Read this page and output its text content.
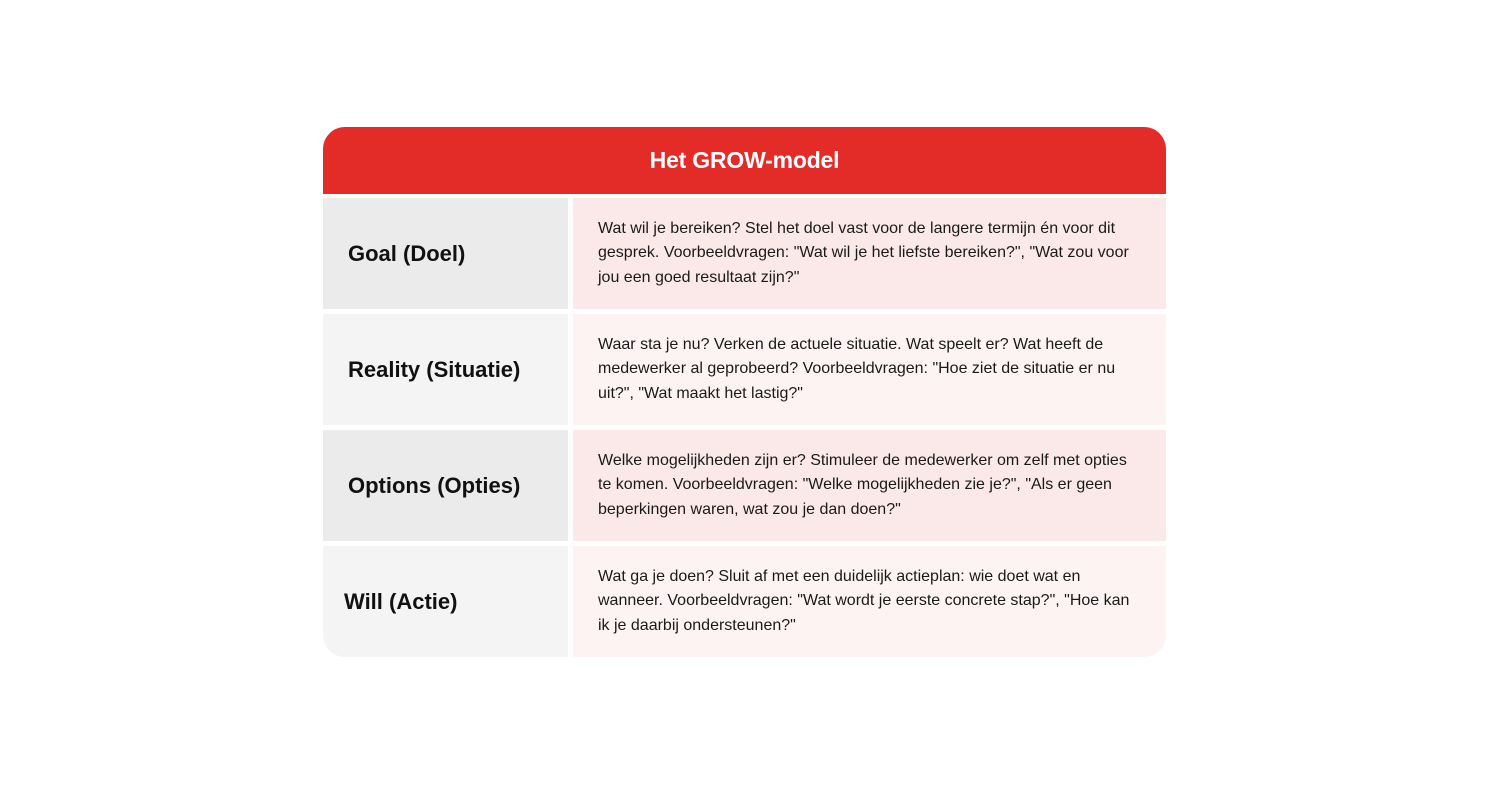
Het GROW-model
Goal (Doel)
Wat wil je bereiken? Stel het doel vast voor de langere termijn én voor dit gesprek. Voorbeeldvragen: "Wat wil je het liefste bereiken?", "Wat zou voor jou een goed resultaat zijn?"
Reality (Situatie)
Waar sta je nu? Verken de actuele situatie. Wat speelt er? Wat heeft de medewerker al geprobeerd? Voorbeeldvragen: "Hoe ziet de situatie er nu uit?", "Wat maakt het lastig?"
Options (Opties)
Welke mogelijkheden zijn er? Stimuleer de medewerker om zelf met opties te komen. Voorbeeldvragen: "Welke mogelijkheden zie je?", "Als er geen beperkingen waren, wat zou je dan doen?"
Will (Actie)
Wat ga je doen? Sluit af met een duidelijk actieplan: wie doet wat en wanneer. Voorbeeldvragen: "Wat wordt je eerste concrete stap?", "Hoe kan ik je daarbij ondersteunen?"
